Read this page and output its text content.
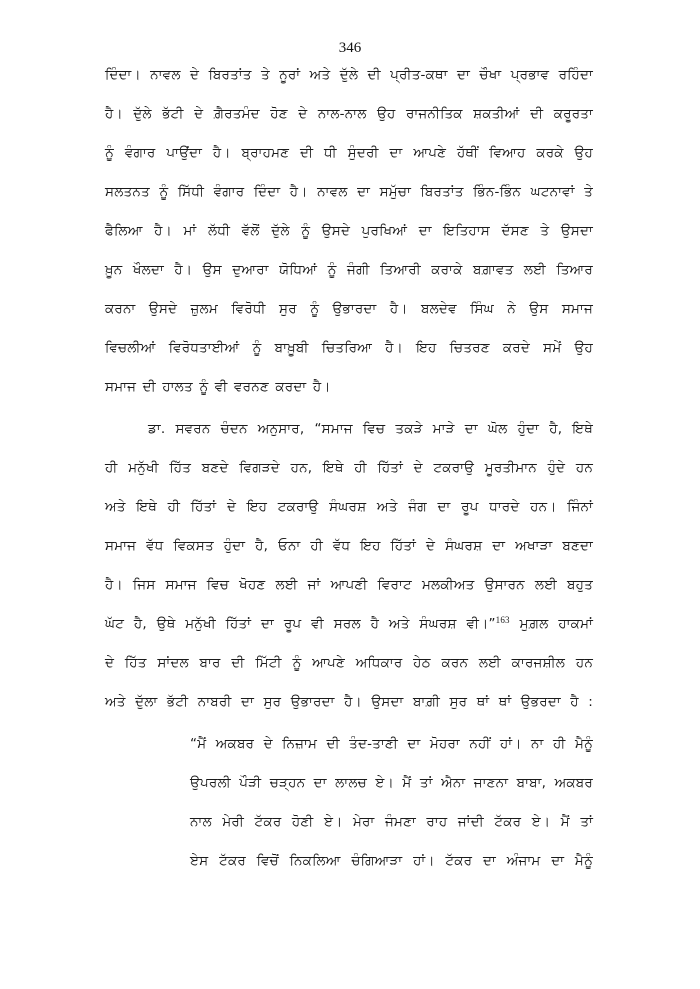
346
ਦਿੰਦਾ। ਨਾਵਲ ਦੇ ਬਿਰਤਾਂਤ ਤੇ ਨੂਰਾਂ ਅਤੇ ਦੁੱਲੇ ਦੀ ਪ੍ਰੀਤ-ਕਥਾ ਦਾ ਚੌਖਾ ਪ੍ਰਭਾਵ ਰਹਿੰਦਾ
ਹੈ। ਦੁੱਲੇ ਭੱਟੀ ਦੇ ਗ਼ੈਰਤਮੰਦ ਹੋਣ ਦੇ ਨਾਲ-ਨਾਲ ਉਹ ਰਾਜਨੀਤਿਕ ਸ਼ਕਤੀਆਂ ਦੀ ਕਰੂਰਤਾ
ਨੂੰ ਵੰਗਾਰ ਪਾਉਂਦਾ ਹੈ। ਬ੍ਰਾਹਮਣ ਦੀ ਧੀ ਸੁੰਦਰੀ ਦਾ ਆਪਣੇ ਹੱਥੀਂ ਵਿਆਹ ਕਰਕੇ ਉਹ
ਸਲਤਨਤ ਨੂੰ ਸਿੱਧੀ ਵੰਗਾਰ ਦਿੰਦਾ ਹੈ। ਨਾਵਲ ਦਾ ਸਮੁੱਚਾ ਬਿਰਤਾਂਤ ਭਿੰਨ-ਭਿੰਨ ਘਟਨਾਵਾਂ ਤੇ
ਫੈਲਿਆ ਹੈ। ਮਾਂ ਲੱਧੀ ਵੱਲੋਂ ਦੁੱਲੇ ਨੂੰ ਉਸਦੇ ਪੁਰਖਿਆਂ ਦਾ ਇਤਿਹਾਸ ਦੱਸਣ ਤੇ ਉਸਦਾ
ਖ਼ੂਨ ਖੌਲਦਾ ਹੈ। ਉਸ ਦੁਆਰਾ ਯੋਧਿਆਂ ਨੂੰ ਜੰਗੀ ਤਿਆਰੀ ਕਰਾਕੇ ਬਗ਼ਾਵਤ ਲਈ ਤਿਆਰ
ਕਰਨਾ ਉਸਦੇ ਜ਼ੁਲਮ ਵਿਰੋਧੀ ਸੁਰ ਨੂੰ ਉਭਾਰਦਾ ਹੈ। ਬਲਦੇਵ ਸਿੰਘ ਨੇ ਉਸ ਸਮਾਜ
ਵਿਚਲੀਆਂ ਵਿਰੋਧਤਾਈਆਂ ਨੂੰ ਬਾਖ਼ੂਬੀ ਚਿਤਰਿਆ ਹੈ। ਇਹ ਚਿਤਰਣ ਕਰਦੇ ਸਮੇਂ ਉਹ
ਸਮਾਜ ਦੀ ਹਾਲਤ ਨੂੰ ਵੀ ਵਰਨਣ ਕਰਦਾ ਹੈ।
ਡਾ. ਸਵਰਨ ਚੰਦਨ ਅਨੁਸਾਰ, “ਸਮਾਜ ਵਿਚ ਤਕੜੇ ਮਾੜੇ ਦਾ ਘੋਲ ਹੁੰਦਾ ਹੈ, ਇਥੇ
ਹੀ ਮਨੁੱਖੀ ਹਿੱਤ ਬਣਦੇ ਵਿਗੜਦੇ ਹਨ, ਇਥੇ ਹੀ ਹਿੱਤਾਂ ਦੇ ਟਕਰਾਉ ਮੂਰਤੀਮਾਨ ਹੁੰਦੇ ਹਨ
ਅਤੇ ਇਥੇ ਹੀ ਹਿੱਤਾਂ ਦੇ ਇਹ ਟਕਰਾਉ ਸੰਘਰਸ਼ ਅਤੇ ਜੰਗ ਦਾ ਰੂਪ ਧਾਰਦੇ ਹਨ। ਜਿੰਨਾਂ
ਸਮਾਜ ਵੱਧ ਵਿਕਸਤ ਹੁੰਦਾ ਹੈ, ਓਨਾ ਹੀ ਵੱਧ ਇਹ ਹਿੱਤਾਂ ਦੇ ਸੰਘਰਸ਼ ਦਾ ਅਖਾੜਾ ਬਣਦਾ
ਹੈ। ਜਿਸ ਸਮਾਜ ਵਿਚ ਖੋਹਣ ਲਈ ਜਾਂ ਆਪਣੀ ਵਿਰਾਟ ਮਲਕੀਅਤ ਉਸਾਰਨ ਲਈ ਬਹੁਤ
ਘੱਟ ਹੈ, ਉਥੇ ਮਨੁੱਖੀ ਹਿੱਤਾਂ ਦਾ ਰੂਪ ਵੀ ਸਰਲ ਹੈ ਅਤੇ ਸੰਘਰਸ਼ ਵੀ।”$^{163}$ ਮੁਗ਼ਲ ਹਾਕਮਾਂ
ਦੇ ਹਿੱਤ ਸਾਂਦਲ ਬਾਰ ਦੀ ਮਿੱਟੀ ਨੂੰ ਆਪਣੇ ਅਧਿਕਾਰ ਹੇਠ ਕਰਨ ਲਈ ਕਾਰਜਸ਼ੀਲ ਹਨ
ਅਤੇ ਦੁੱਲਾ ਭੱਟੀ ਨਾਬਰੀ ਦਾ ਸੁਰ ਉਭਾਰਦਾ ਹੈ। ਉਸਦਾ ਬਾਗ਼ੀ ਸੁਰ ਥਾਂ ਥਾਂ ਉਭਰਦਾ ਹੈ :
“ਮੈਂ ਅਕਬਰ ਦੇ ਨਿਜ਼ਾਮ ਦੀ ਤੰਦ-ਤਾਣੀ ਦਾ ਮੋਹਰਾ ਨਹੀਂ ਹਾਂ। ਨਾ ਹੀ ਮੈਨੂੰ
ਉਪਰਲੀ ਪੌੜੀ ਚੜ੍ਹਨ ਦਾ ਲਾਲਚ ਏ। ਮੈਂ ਤਾਂ ਐਨਾ ਜਾਣਨਾ ਬਾਬਾ, ਅਕਬਰ
ਨਾਲ ਮੇਰੀ ਟੱਕਰ ਹੋਣੀ ਏ। ਮੇਰਾ ਜੰਮਣਾ ਰਾਹ ਜਾਂਦੀ ਟੱਕਰ ਏ। ਮੈਂ ਤਾਂ
ਏਸ ਟੱਕਰ ਵਿਚੋਂ ਨਿਕਲਿਆ ਚੰਗਿਆੜਾ ਹਾਂ। ਟੱਕਰ ਦਾ ਅੰਜਾਮ ਦਾ ਮੈਨੂੰ
